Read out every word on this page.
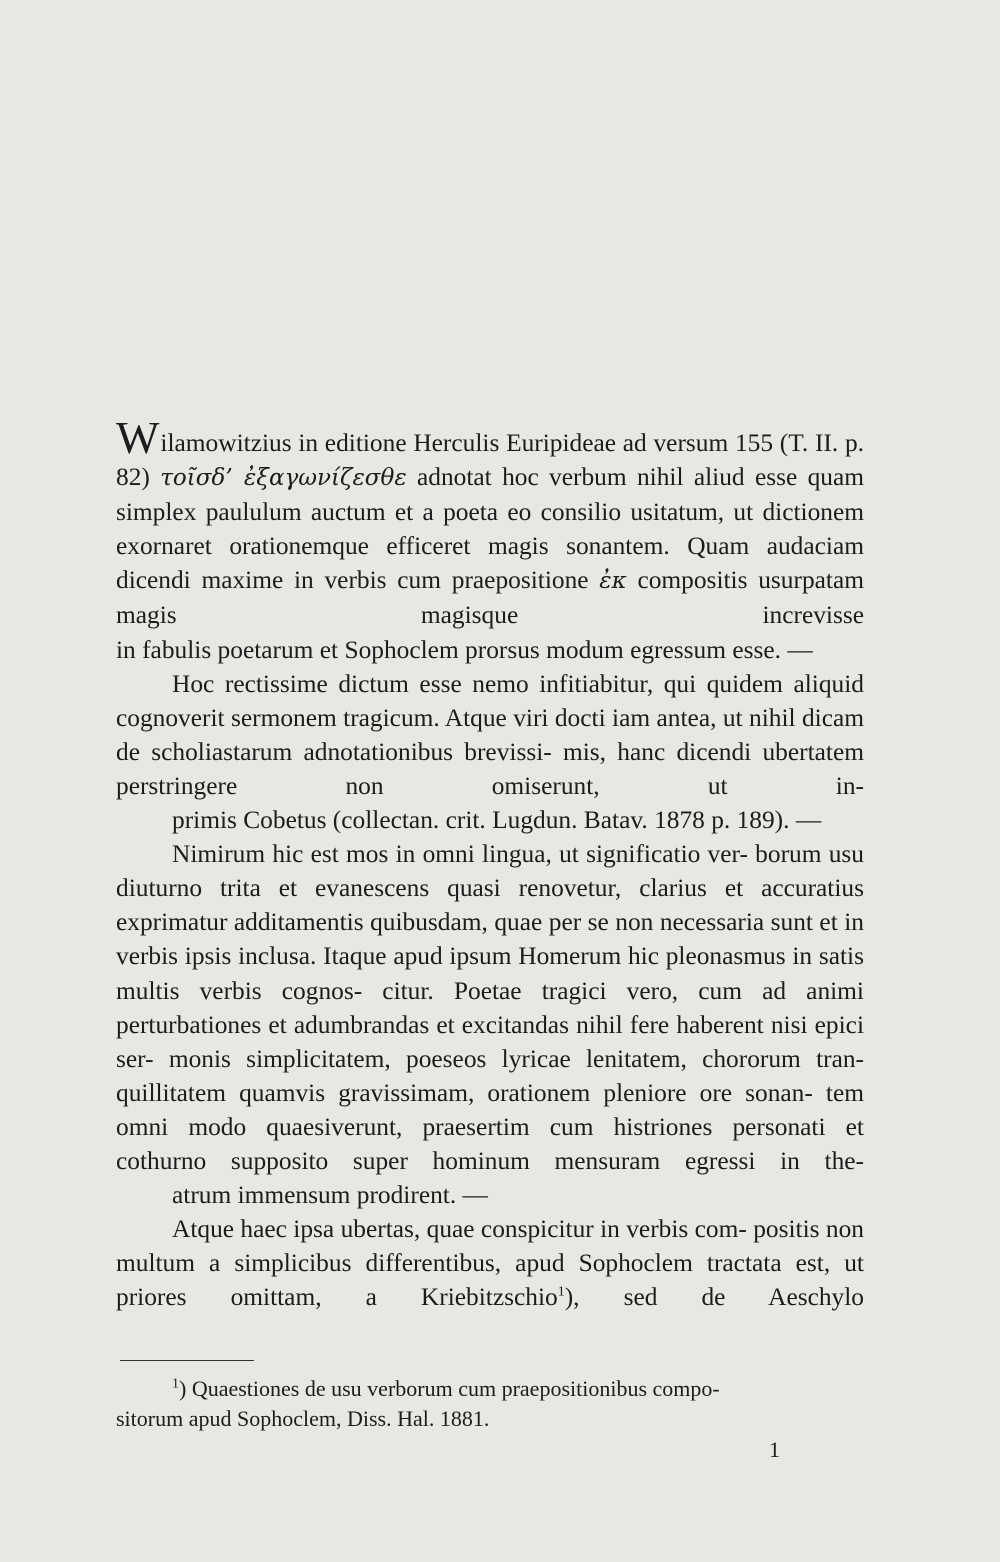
Wilamowitzius in editione Herculis Euripideae ad versum 155 (T. II. p. 82) τοῖσδ’ ἐξαγωνίζεσθε adnotat hoc verbum nihil aliud esse quam simplex paululum auctum et a poeta eo consilio usitatum, ut dictionem exornaret orationemque efficeret magis sonantem. Quam audaciam dicendi maxime in verbis cum praepositione ἐκ compositis usurpatam magis magisque increvisse
in fabulis poetarum et Sophoclem prorsus modum egressum esse. —

Hoc rectissime dictum esse nemo infitiabitur, qui quidem aliquid cognoverit sermonem tragicum. Atque viri docti iam antea, ut nihil dicam de scholiastarum adnotationibus brevissi- mis, hanc dicendi ubertatem perstringere non omiserunt, ut in-
primis Cobetus (collectan. crit. Lugdun. Batav. 1878 p. 189). —

Nimirum hic est mos in omni lingua, ut significatio ver- borum usu diuturno trita et evanescens quasi renovetur, clarius et accuratius exprimatur additamentis quibusdam, quae per se non necessaria sunt et in verbis ipsis inclusa. Itaque apud ipsum Homerum hic pleonasmus in satis multis verbis cognos- citur. Poetae tragici vero, cum ad animi perturbationes et adumbrandas et excitandas nihil fere haberent nisi epici ser- monis simplicitatem, poeseos lyricae lenitatem, chororum tran- quillitatem quamvis gravissimam, orationem pleniore ore sonan- tem omni modo quaesiverunt, praesertim cum histriones personati et cothurno supposito super hominum mensuram egressi in the-
atrum immensum prodirent. —

Atque haec ipsa ubertas, quae conspicitur in verbis com- positis non multum a simplicibus differentibus, apud Sophoclem tractata est, ut priores omittam, a Kriebitzschio$^1$), sed de Aeschylo

$^1$) Quaestiones de usu verborum cum praepositionibus compo-
sitorum apud Sophoclem, Diss. Hal. 1881.
1
